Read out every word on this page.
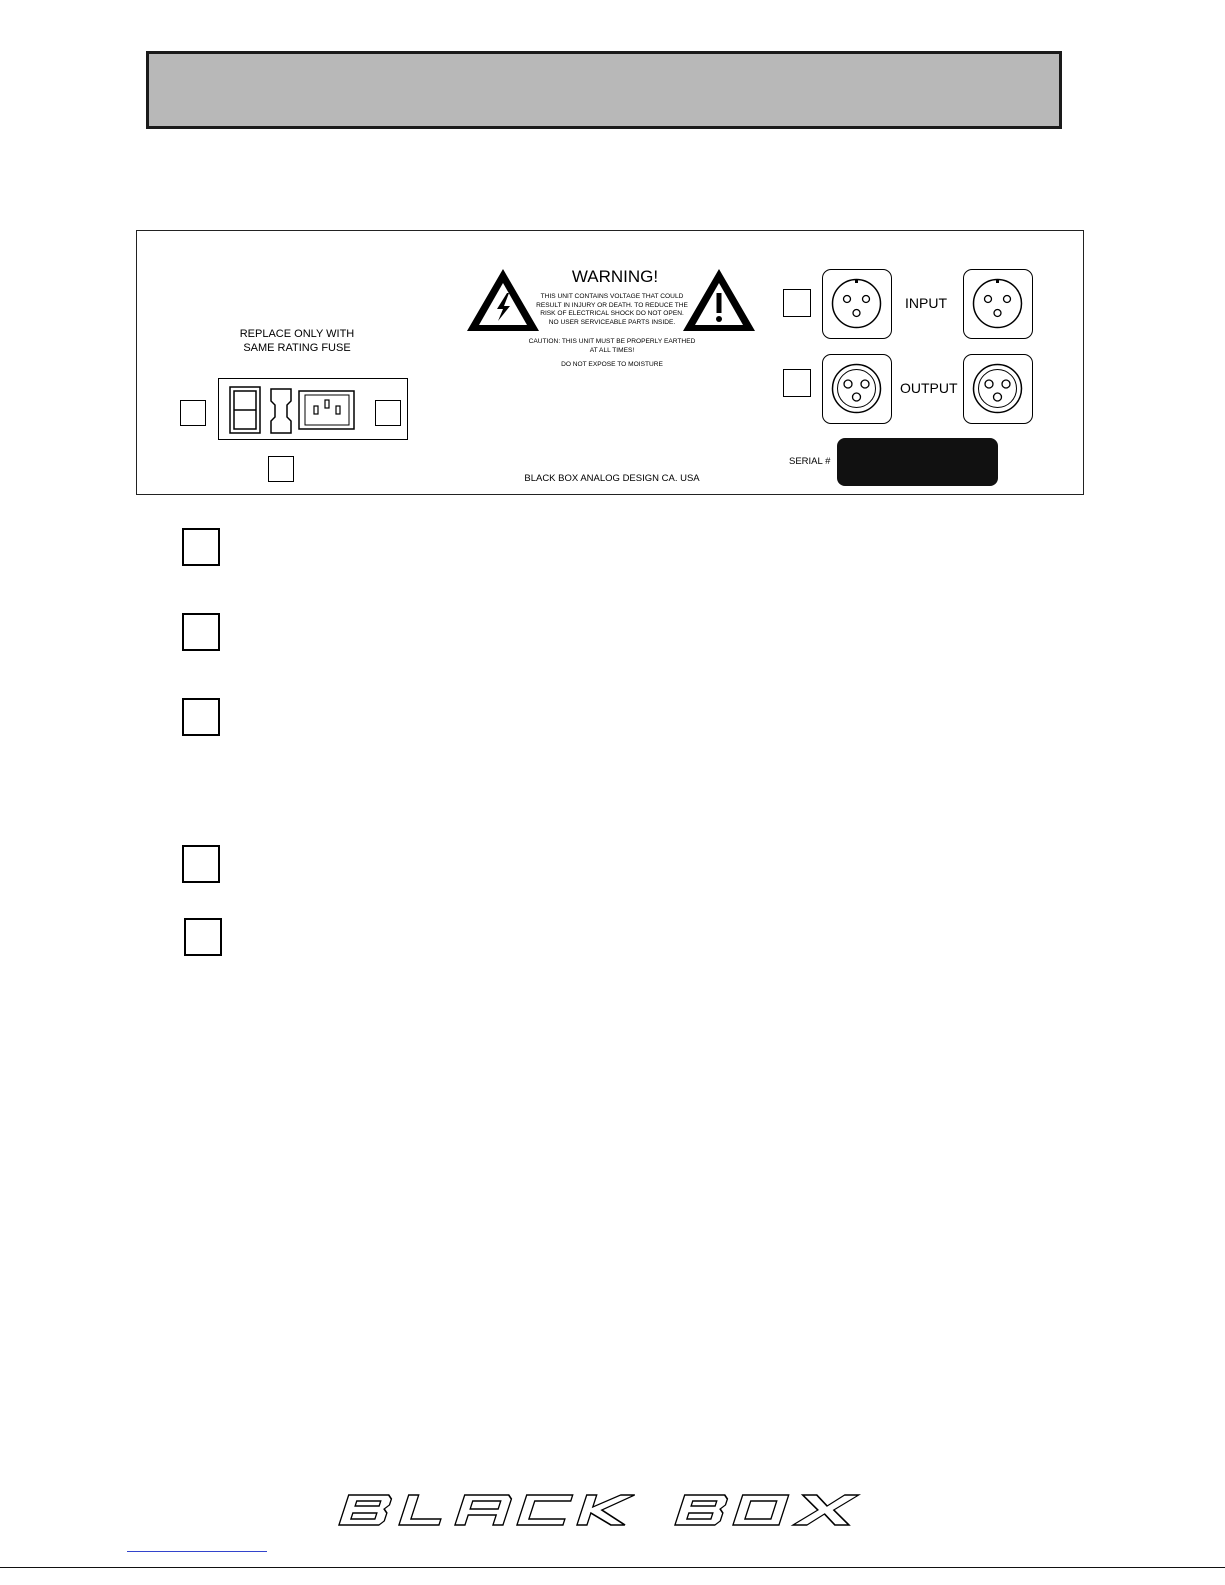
REPLACE ONLY WITH
SAME RATING FUSE
WARNING!
THIS UNIT CONTAINS VOLTAGE THAT COULD
RESULT IN INJURY OR DEATH. TO REDUCE THE
RISK OF ELECTRICAL SHOCK DO NOT OPEN.
NO USER SERVICEABLE PARTS INSIDE.
CAUTION: THIS UNIT MUST BE PROPERLY EARTHED
AT ALL TIMES!
DO NOT EXPOSE TO MOISTURE
INPUT
OUTPUT
SERIAL #
BLACK BOX ANALOG DESIGN CA. USA
